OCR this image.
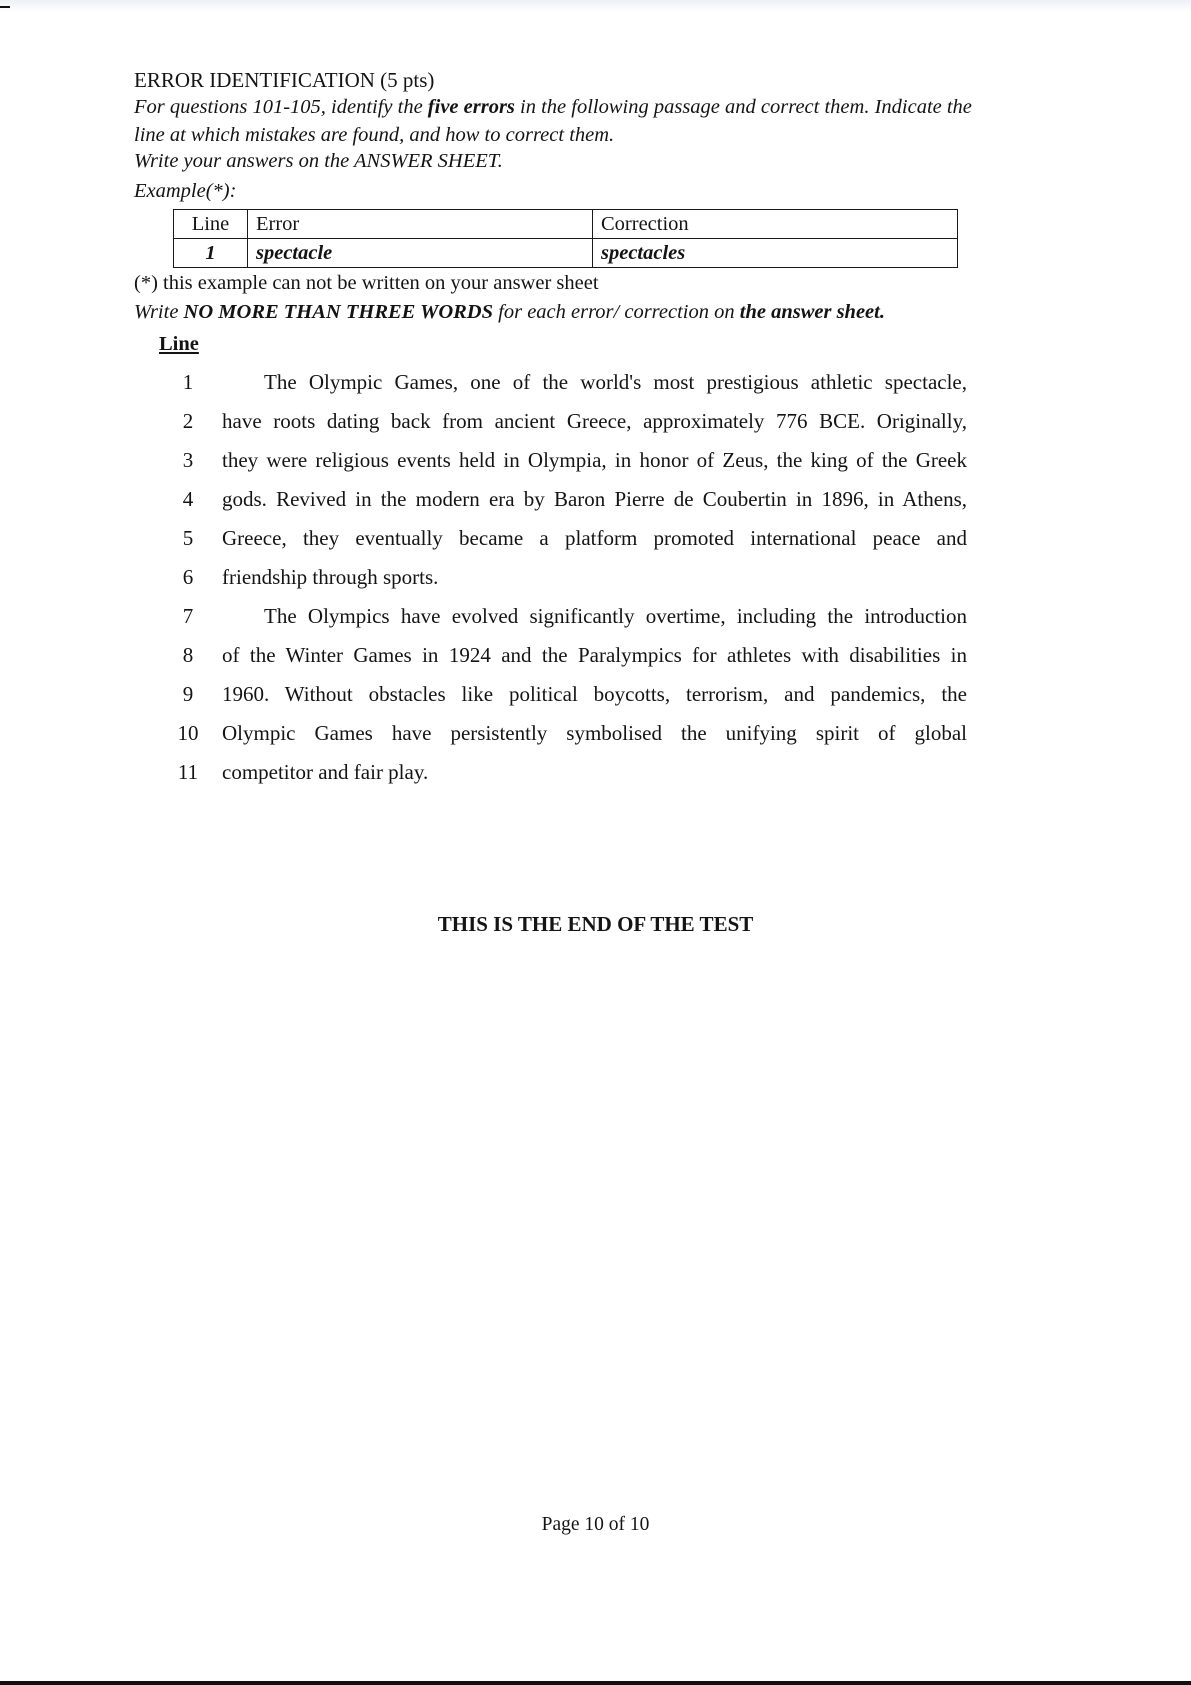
ERROR IDENTIFICATION (5 pts)
For questions 101-105, identify the five errors in the following passage and correct them. Indicate the
line at which mistakes are found, and how to correct them.
Write your answers on the ANSWER SHEET.
Example(*):
Line	Error	Correction
1	spectacle	spectacles
(*) this example can not be written on your answer sheet
Write NO MORE THAN THREE WORDS for each error/ correction on the answer sheet.
Line
1	The Olympic Games, one of the world's most prestigious athletic spectacle,
2	have roots dating back from ancient Greece, approximately 776 BCE. Originally,
3	they were religious events held in Olympia, in honor of Zeus, the king of the Greek
4	gods. Revived in the modern era by Baron Pierre de Coubertin in 1896, in Athens,
5	Greece, they eventually became a platform promoted international peace and
6	friendship through sports.
7	The Olympics have evolved significantly overtime, including the introduction
8	of the Winter Games in 1924 and the Paralympics for athletes with disabilities in
9	1960. Without obstacles like political boycotts, terrorism, and pandemics, the
10	Olympic Games have persistently symbolised the unifying spirit of global
11	competitor and fair play.
THIS IS THE END OF THE TEST
Page 10 of 10
